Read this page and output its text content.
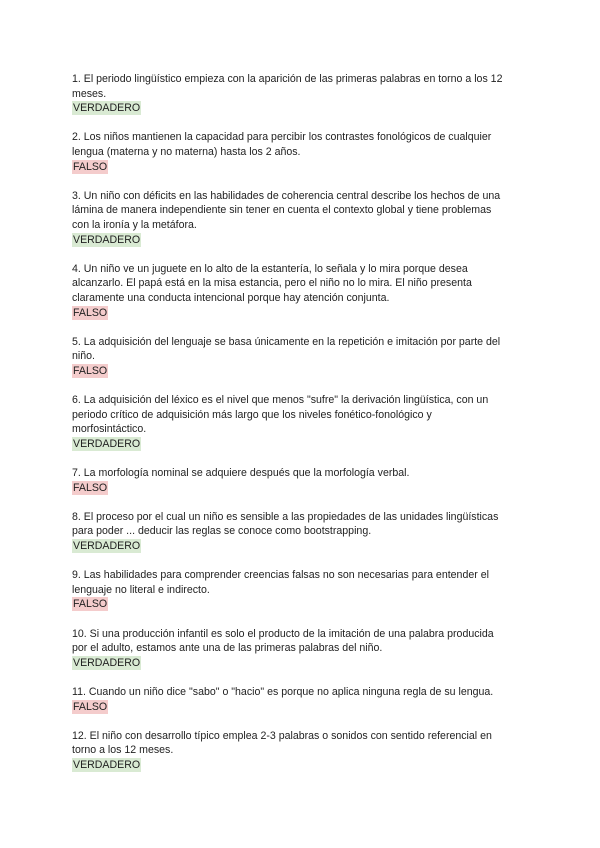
1. El periodo lingüístico empieza con la aparición de las primeras palabras en torno a los 12
meses.
VERDADERO
2. Los niños mantienen la capacidad para percibir los contrastes fonológicos de cualquier
lengua (materna y no materna) hasta los 2 años.
FALSO
3. Un niño con déficits en las habilidades de coherencia central describe los hechos de una
lámina de manera independiente sin tener en cuenta el contexto global y tiene problemas
con la ironía y la metáfora.
VERDADERO
4. Un niño ve un juguete en lo alto de la estantería, lo señala y lo mira porque desea
alcanzarlo. El papá está en la misa estancia, pero el niño no lo mira. El niño presenta
claramente una conducta intencional porque hay atención conjunta.
FALSO
5. La adquisición del lenguaje se basa únicamente en la repetición e imitación por parte del
niño.
FALSO
6. La adquisición del léxico es el nivel que menos "sufre" la derivación lingüística, con un
periodo crítico de adquisición más largo que los niveles fonético-fonológico y
morfosintáctico.
VERDADERO
7. La morfología nominal se adquiere después que la morfología verbal.
FALSO
8. El proceso por el cual un niño es sensible a las propiedades de las unidades lingüísticas
para poder ... deducir las reglas se conoce como bootstrapping.
VERDADERO
9. Las habilidades para comprender creencias falsas no son necesarias para entender el
lenguaje no literal e indirecto.
FALSO
10. Si una producción infantil es solo el producto de la imitación de una palabra producida
por el adulto, estamos ante una de las primeras palabras del niño.
VERDADERO
11. Cuando un niño dice "sabo" o "hacio" es porque no aplica ninguna regla de su lengua.
FALSO
12. El niño con desarrollo típico emplea 2-3 palabras o sonidos con sentido referencial en
torno a los 12 meses.
VERDADERO
